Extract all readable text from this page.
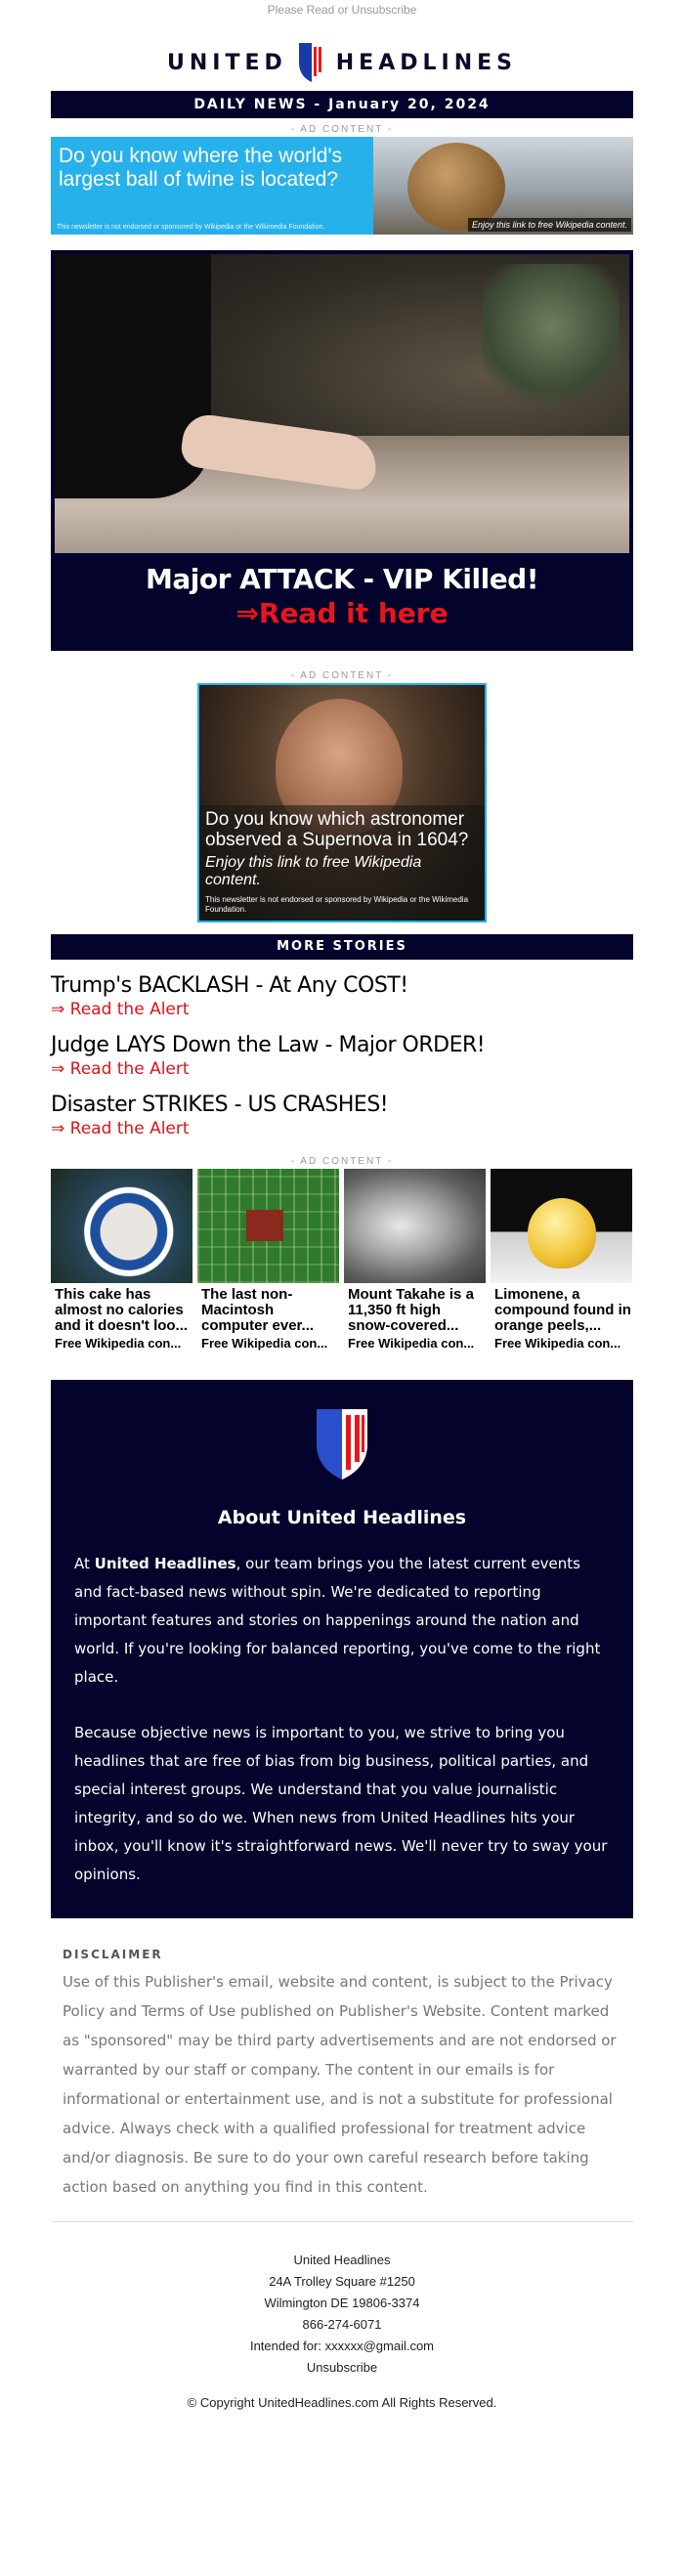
Please Read or Unsubscribe
UNITED HEADLINES
DAILY NEWS - January 20, 2024
- AD CONTENT -
Do you know where the world's largest ball of twine is located?
This newsletter is not endorsed or sponsored by Wikipedia or the Wikimedia Foundation.	Enjoy this link to free Wikipedia content.
Major ATTACK - VIP Killed!
⇒Read it here
- AD CONTENT -
Do you know which astronomer observed a Supernova in 1604?
Enjoy this link to free Wikipedia content.
This newsletter is not endorsed or sponsored by Wikipedia or the Wikimedia Foundation.
MORE STORIES
Trump's BACKLASH - At Any COST!
⇒ Read the Alert
Judge LAYS Down the Law - Major ORDER!
⇒ Read the Alert
Disaster STRIKES - US CRASHES!
⇒ Read the Alert
- AD CONTENT -
This cake has almost no calories and it doesn't loo...
Free Wikipedia con...
The last non-Macintosh computer ever...
Free Wikipedia con...
Mount Takahe is a 11,350 ft high snow-covered...
Free Wikipedia con...
Limonene, a compound found in orange peels,...
Free Wikipedia con...
About United Headlines

At United Headlines, our team brings you the latest current events and fact-based news without spin. We're dedicated to reporting important features and stories on happenings around the nation and world. If you're looking for balanced reporting, you've come to the right place.

Because objective news is important to you, we strive to bring you headlines that are free of bias from big business, political parties, and special interest groups. We understand that you value journalistic integrity, and so do we. When news from United Headlines hits your inbox, you'll know it's straightforward news. We'll never try to sway your opinions.

DISCLAIMER

Use of this Publisher's email, website and content, is subject to the Privacy Policy and Terms of Use published on Publisher's Website. Content marked as "sponsored" may be third party advertisements and are not endorsed or warranted by our staff or company. The content in our emails is for informational or entertainment use, and is not a substitute for professional advice. Always check with a qualified professional for treatment advice and/or diagnosis. Be sure to do your own careful research before taking action based on anything you find in this content.

United Headlines
24A Trolley Square #1250
Wilmington DE 19806-3374
866-274-6071
Intended for: xxxxxx@gmail.com
Unsubscribe
© Copyright UnitedHeadlines.com All Rights Reserved.
